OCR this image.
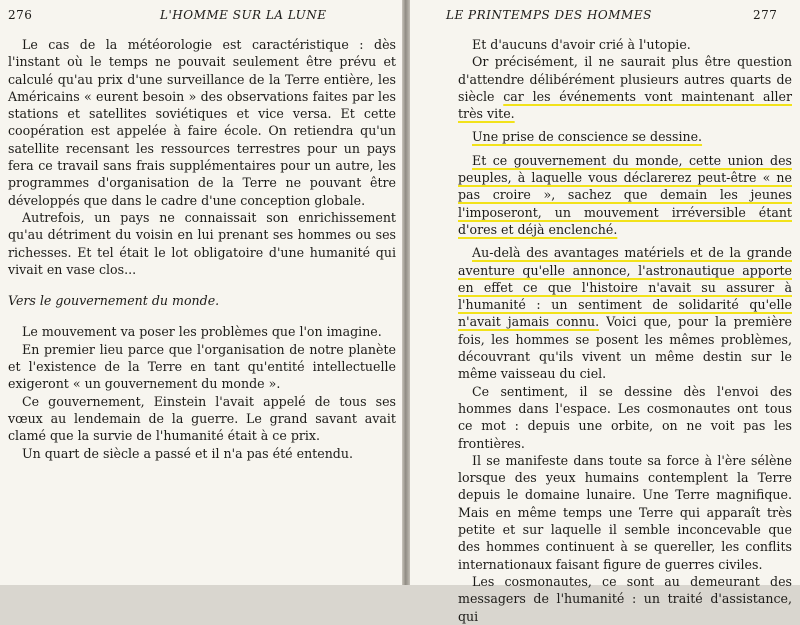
276	L'HOMME SUR LA LUNE

Le cas de la météorologie est caractéristique : dès l'instant où le temps ne pouvait seulement être prévu et calculé qu'au prix d'une surveillance de la Terre entière, les Américains « eurent besoin » des observations faites par les stations et satellites soviétiques et vice versa. Et cette coopération est appelée à faire école. On retiendra qu'un satellite recensant les ressources terrestres pour un pays fera ce travail sans frais supplémentaires pour un autre, les programmes d'organisation de la Terre ne pouvant être développés que dans le cadre d'une conception globale.

Autrefois, un pays ne connaissait son enrichissement qu'au détriment du voisin en lui prenant ses hommes ou ses richesses. Et tel était le lot obligatoire d'une humanité qui vivait en vase clos...

Vers le gouvernement du monde.

Le mouvement va poser les problèmes que l'on imagine.

En premier lieu parce que l'organisation de notre planète et l'existence de la Terre en tant qu'entité intellectuelle exigeront « un gouvernement du monde ».

Ce gouvernement, Einstein l'avait appelé de tous ses vœux au lendemain de la guerre. Le grand savant avait clamé que la survie de l'humanité était à ce prix.

Un quart de siècle a passé et il n'a pas été entendu.

LE PRINTEMPS DES HOMMES	277

Et d'aucuns d'avoir crié à l'utopie.

Or précisément, il ne saurait plus être question d'attendre délibérément plusieurs autres quarts de siècle car les événements vont maintenant aller très vite.

Une prise de conscience se dessine.

Et ce gouvernement du monde, cette union des peuples, à laquelle vous déclarerez peut-être « ne pas croire », sachez que demain les jeunes l'imposeront, un mouvement irréversible étant d'ores et déjà enclenché.

Au-delà des avantages matériels et de la grande aventure qu'elle annonce, l'astronautique apporte en effet ce que l'histoire n'avait su assurer à l'humanité : un sentiment de solidarité qu'elle n'avait jamais connu. Voici que, pour la première fois, les hommes se posent les mêmes problèmes, découvrant qu'ils vivent un même destin sur le même vaisseau du ciel.

Ce sentiment, il se dessine dès l'envoi des hommes dans l'espace. Les cosmonautes ont tous ce mot : depuis une orbite, on ne voit pas les frontières.

Il se manifeste dans toute sa force à l'ère sélène lorsque des yeux humains contemplent la Terre depuis le domaine lunaire. Une Terre magnifique. Mais en même temps une Terre qui apparaît très petite et sur laquelle il semble inconcevable que des hommes continuent à se quereller, les conflits internationaux faisant figure de guerres civiles.

Les cosmonautes, ce sont au demeurant des messagers de l'humanité : un traité d'assistance, qui
